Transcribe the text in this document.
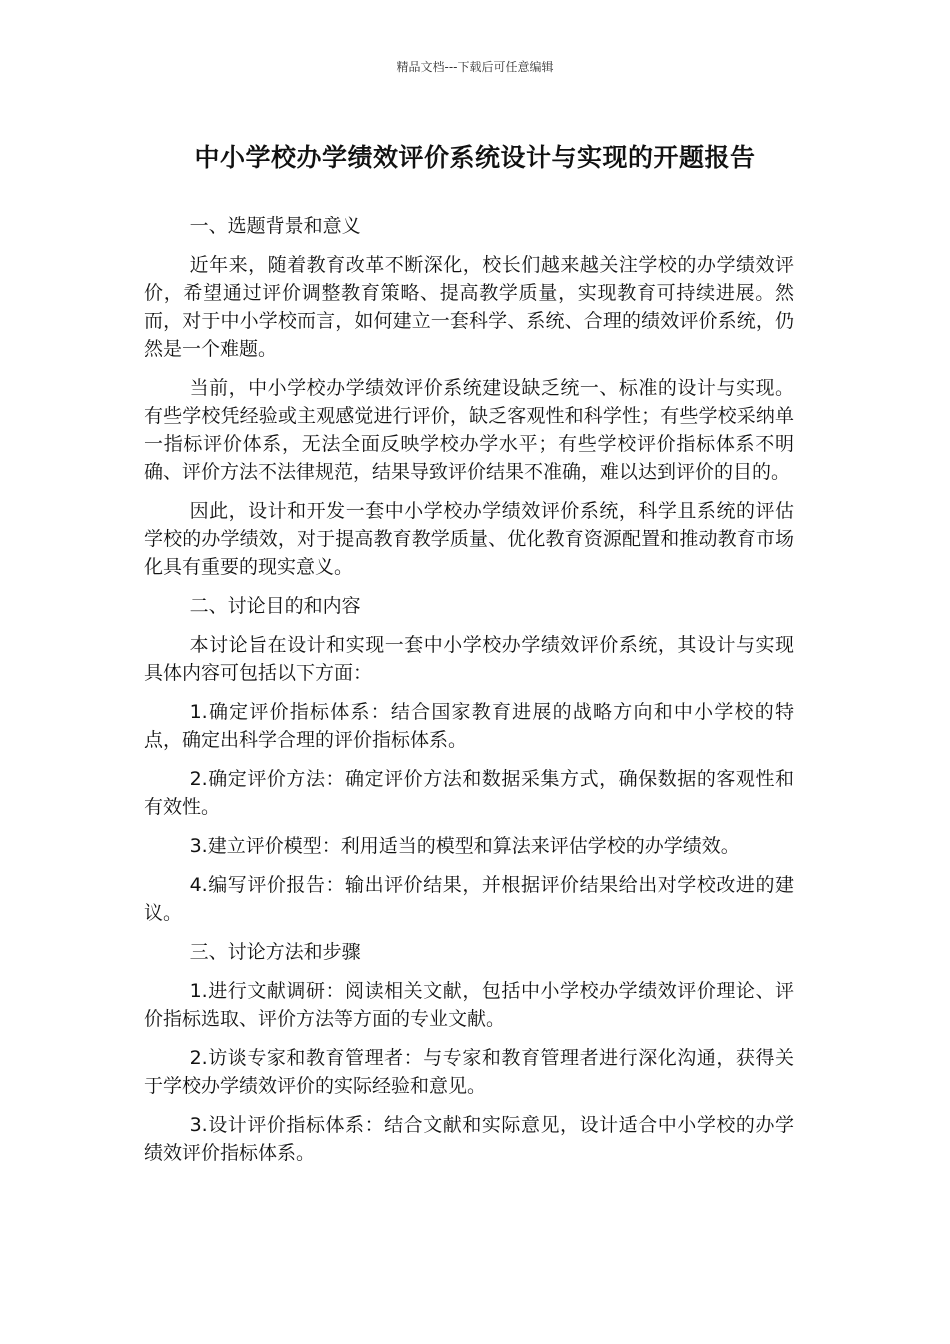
精品文档---下载后可任意编辑
中小学校办学绩效评价系统设计与实现的开题报告

一、选题背景和意义

近年来，随着教育改革不断深化，校长们越来越关注学校的办学绩效评价，希望通过评价调整教育策略、提高教学质量，实现教育可持续进展。然而，对于中小学校而言，如何建立一套科学、系统、合理的绩效评价系统，仍然是一个难题。

当前，中小学校办学绩效评价系统建设缺乏统一、标准的设计与实现。有些学校凭经验或主观感觉进行评价，缺乏客观性和科学性；有些学校采纳单一指标评价体系，无法全面反映学校办学水平；有些学校评价指标体系不明确、评价方法不法律规范，结果导致评价结果不准确，难以达到评价的目的。

因此，设计和开发一套中小学校办学绩效评价系统，科学且系统的评估学校的办学绩效，对于提高教育教学质量、优化教育资源配置和推动教育市场化具有重要的现实意义。

二、讨论目的和内容

本讨论旨在设计和实现一套中小学校办学绩效评价系统，其设计与实现具体内容可包括以下方面：

1.确定评价指标体系：结合国家教育进展的战略方向和中小学校的特点，确定出科学合理的评价指标体系。

2.确定评价方法：确定评价方法和数据采集方式，确保数据的客观性和有效性。

3.建立评价模型：利用适当的模型和算法来评估学校的办学绩效。

4.编写评价报告：输出评价结果，并根据评价结果给出对学校改进的建议。

三、讨论方法和步骤

1.进行文献调研：阅读相关文献，包括中小学校办学绩效评价理论、评价指标选取、评价方法等方面的专业文献。

2.访谈专家和教育管理者：与专家和教育管理者进行深化沟通，获得关于学校办学绩效评价的实际经验和意见。

3.设计评价指标体系：结合文献和实际意见，设计适合中小学校的办学绩效评价指标体系。
